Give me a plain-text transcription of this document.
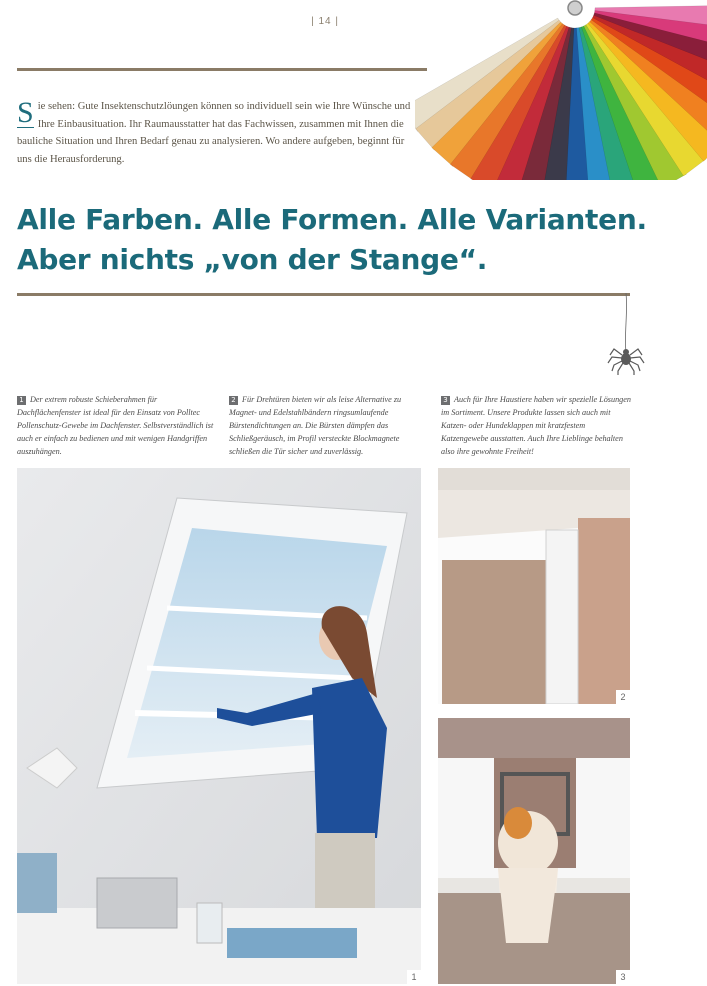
| 14 |
S ie sehen: Gute Insektenschutzlöungen können so individuell sein wie Ihre Wünsche und Ihre Einbausituation. Ihr Raumausstatter hat das Fachwissen, zusammen mit Ihnen die bauliche Situation und Ihren Bedarf genau zu analysieren. Wo andere aufgeben, beginnt für uns die Herausforderung.
Alle Farben. Alle Formen. Alle Varianten.
Aber nichts „von der Stange“.
1 Der extrem robuste Schieberahmen für Dachflächenfenster ist ideal für den Einsatz von Polltec Pollenschutz-Gewebe im Dachfenster. Selbstverständlich ist auch er einfach zu bedienen und mit wenigen Handgriffen auszuhängen.
2 Für Drehtüren bieten wir als leise Alternative zu Magnet- und Edelstahlbändern ringsumlaufende Bürstendichtungen an. Die Bürsten dämpfen das Schließgeräusch, im Profil versteckte Blockmagnete schließen die Tür sicher und zuverlässig.
3 Auch für Ihre Haustiere haben wir spezielle Lösungen im Sortiment. Unsere Produkte lassen sich auch mit Katzen- oder Hundeklappen mit kratzfestem Katzengewebe ausstatten. Auch Ihre Lieblinge behalten also ihre gewohnte Freiheit!
1
2
3
